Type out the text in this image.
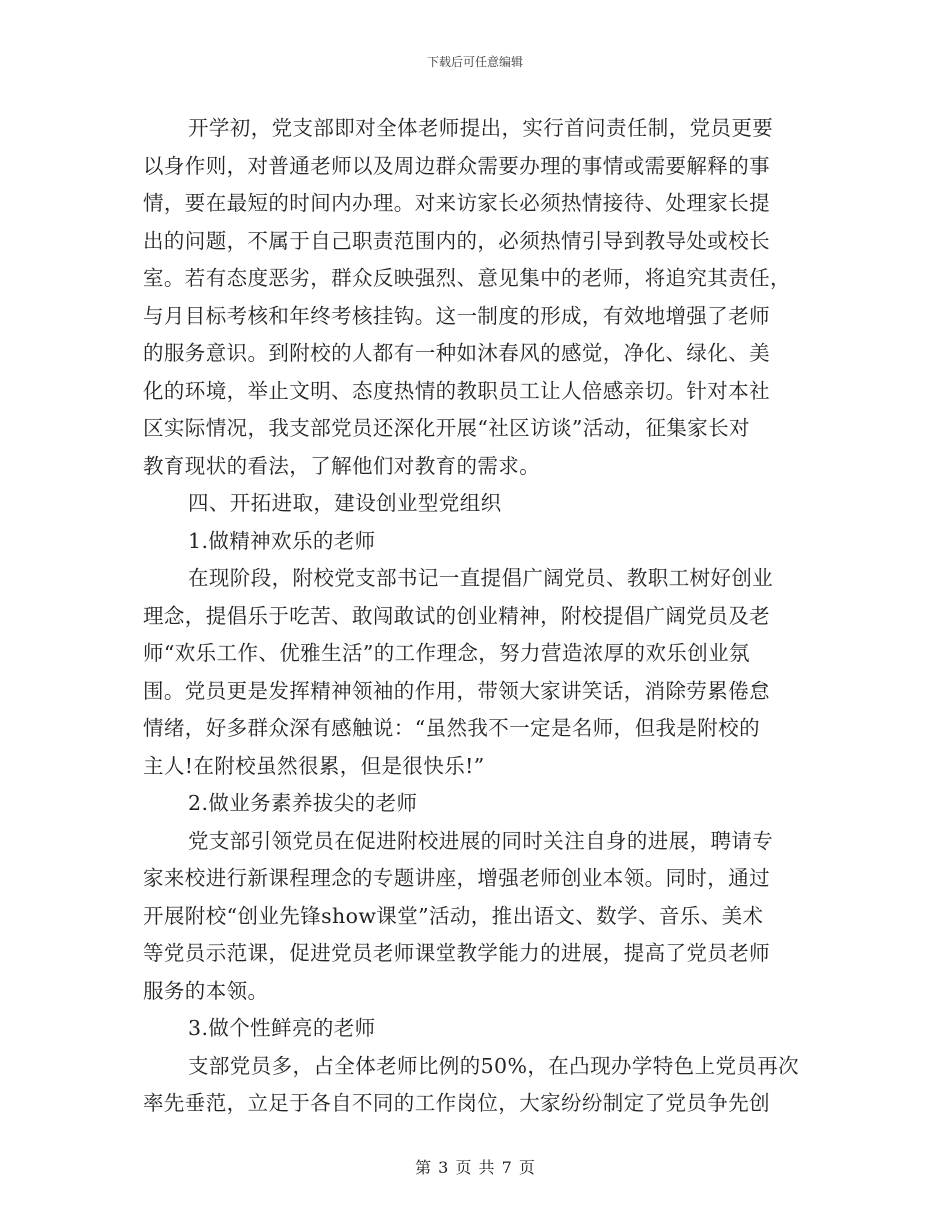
下载后可任意编辑
开学初，党支部即对全体老师提出，实行首问责任制，党员更要
以身作则，对普通老师以及周边群众需要办理的事情或需要解释的事
情，要在最短的时间内办理。对来访家长必须热情接待、处理家长提
出的问题，不属于自己职责范围内的，必须热情引导到教导处或校长
室。若有态度恶劣，群众反映强烈、意见集中的老师，将追究其责任，
与月目标考核和年终考核挂钩。这一制度的形成，有效地增强了老师
的服务意识。到附校的人都有一种如沐春风的感觉，净化、绿化、美
化的环境，举止文明、态度热情的教职员工让人倍感亲切。针对本社
区实际情况，我支部党员还深化开展“社区访谈”活动，征集家长对
教育现状的看法，了解他们对教育的需求。
四、开拓进取，建设创业型党组织
1.做精神欢乐的老师
在现阶段，附校党支部书记一直提倡广阔党员、教职工树好创业
理念，提倡乐于吃苦、敢闯敢试的创业精神，附校提倡广阔党员及老
师“欢乐工作、优雅生活”的工作理念，努力营造浓厚的欢乐创业氛
围。党员更是发挥精神领袖的作用，带领大家讲笑话，消除劳累倦怠
情绪，好多群众深有感触说：“虽然我不一定是名师，但我是附校的
主人!在附校虽然很累，但是很快乐!”
2.做业务素养拔尖的老师
党支部引领党员在促进附校进展的同时关注自身的进展，聘请专
家来校进行新课程理念的专题讲座，增强老师创业本领。同时，通过
开展附校“创业先锋show课堂”活动，推出语文、数学、音乐、美术
等党员示范课，促进党员老师课堂教学能力的进展，提高了党员老师
服务的本领。
3.做个性鲜亮的老师
支部党员多，占全体老师比例的50%，在凸现办学特色上党员再次
率先垂范，立足于各自不同的工作岗位，大家纷纷制定了党员争先创
第 3 页 共 7 页
